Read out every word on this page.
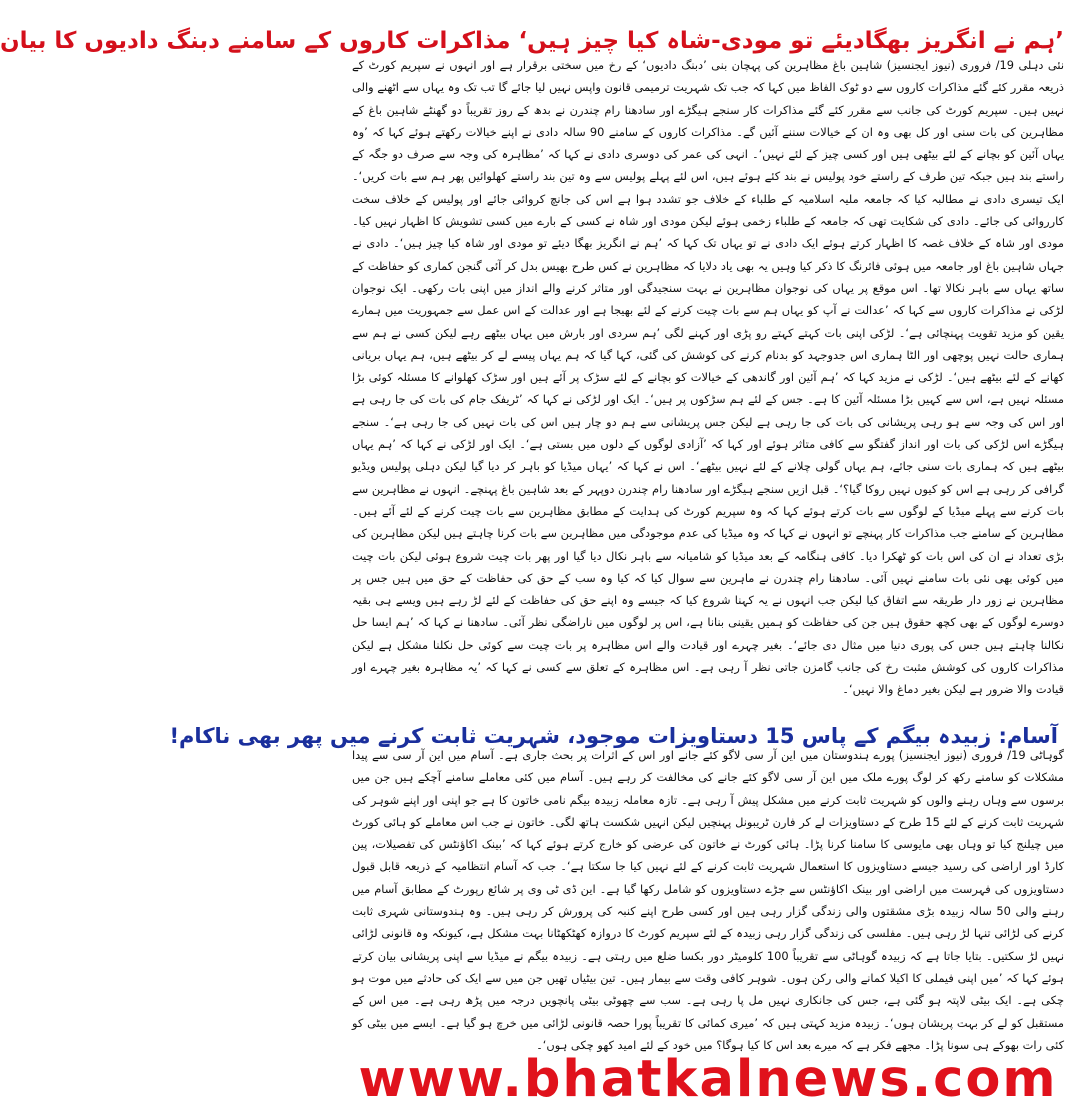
’ہم نے انگریز بھگادیئے تو مودی-شاہ کیا چیز ہیں‘ مذاکرات کاروں کے سامنے دبنگ دادیوں کا بیان

نئی دہلی 19/ فروری (نیوز ایجنسیز) شاہین باغ مظاہرین کی پہچان بنی ’دبنگ دادیوں‘ کے رخ میں سختی برقرار ہے اور انہوں نے سپریم کورٹ کے ذریعہ مقرر کئے گئے مذاکرات کاروں سے دو ٹوک الفاظ میں کہا کہ جب تک شہریت ترمیمی قانون واپس نہیں لیا جائے گا تب تک وہ یہاں سے اٹھنے والی نہیں ہیں۔ سپریم کورٹ کی جانب سے مقرر کئے گئے مذاکرات کار سنجے ہیگڑے اور سادھنا رام چندرن نے بدھ کے روز تقریباً دو گھنٹے شاہین باغ کے مظاہرین کی بات سنی اور کل بھی وہ ان کے خیالات سننے آئیں گے۔ مذاکرات کاروں کے سامنے 90 سالہ دادی نے اپنے خیالات رکھتے ہوئے کہا کہ ’وہ یہاں آئین کو بچانے کے لئے بیٹھی ہیں اور کسی چیز کے لئے نہیں‘۔ انہی کی عمر کی دوسری دادی نے کہا کہ ’مظاہرہ کی وجہ سے صرف دو جگہ کے راستے بند ہیں جبکہ تین طرف کے راستے خود پولیس نے بند کئے ہوئے ہیں، اس لئے پہلے پولیس سے وہ تین بند راستے کھلوائیں پھر ہم سے بات کریں‘۔ ایک تیسری دادی نے مطالبہ کیا کہ جامعہ ملیہ اسلامیہ کے طلباء کے خلاف جو تشدد ہوا ہے اس کی جانچ کروائی جائے اور پولیس کے خلاف سخت کارروائی کی جائے۔ دادی کی شکایت تھی کہ جامعہ کے طلباء زخمی ہوئے لیکن مودی اور شاہ نے کسی کے بارے میں کسی تشویش کا اظہار نہیں کیا۔ مودی اور شاہ کے خلاف غصہ کا اظہار کرتے ہوئے ایک دادی نے تو یہاں تک کہا کہ ’ہم نے انگریز بھگا دیئے تو مودی اور شاہ کیا چیز ہیں‘۔ دادی نے جہاں شاہین باغ اور جامعہ میں ہوئی فائرنگ کا ذکر کیا وہیں یہ بھی یاد دلایا کہ مظاہرین نے کس طرح بھیس بدل کر آئی گنجن کماری کو حفاظت کے ساتھ یہاں سے باہر نکالا تھا۔ اس موقع پر یہاں کی نوجوان مظاہرین نے بہت سنجیدگی اور متاثر کرنے والے انداز میں اپنی بات رکھی۔ ایک نوجوان لڑکی نے مذاکرات کاروں سے کہا کہ ’عدالت نے آپ کو یہاں ہم سے بات چیت کرنے کے لئے بھیجا ہے اور عدالت کے اس عمل سے جمہوریت میں ہمارے یقین کو مزید تقویت پہنچائی ہے‘۔ لڑکی اپنی بات کہتے کہتے رو پڑی اور کہنے لگی ’ہم سردی اور بارش میں یہاں بیٹھے رہے لیکن کسی نے ہم سے ہماری حالت نہیں پوچھی اور الٹا ہماری اس جدوجہد کو بدنام کرنے کی کوشش کی گئی، کہا گیا کہ ہم یہاں پیسے لے کر بیٹھے ہیں، ہم یہاں بریانی کھانے کے لئے بیٹھے ہیں‘۔ لڑکی نے مزید کہا کہ ’ہم آئین اور گاندھی کے خیالات کو بچانے کے لئے سڑک پر آئے ہیں اور سڑک کھلوانے کا مسئلہ کوئی بڑا مسئلہ نہیں ہے، اس سے کہیں بڑا مسئلہ آئین کا ہے۔ جس کے لئے ہم سڑکوں پر ہیں‘۔ ایک اور لڑکی نے کہا کہ ’ٹریفک جام کی بات کی جا رہی ہے اور اس کی وجہ سے ہو رہی پریشانی کی بات کی جا رہی ہے لیکن جس پریشانی سے ہم دو چار ہیں اس کی بات نہیں کی جا رہی ہے‘۔ سنجے ہیگڑے اس لڑکی کی بات اور انداز گفتگو سے کافی متاثر ہوئے اور کہا کہ ’آزادی لوگوں کے دلوں میں بستی ہے‘۔ ایک اور لڑکی نے کہا کہ ’ہم یہاں بیٹھے ہیں کہ ہماری بات سنی جائے، ہم یہاں گولی چلانے کے لئے نہیں بیٹھے‘۔ اس نے کہا کہ ’یہاں میڈیا کو باہر کر دیا گیا لیکن دہلی پولیس ویڈیو گرافی کر رہی ہے اس کو کیوں نہیں روکا گیا؟‘۔ قبل ازیں سنجے ہیگڑے اور سادھنا رام چندرن دوپہر کے بعد شاہین باغ پہنچے۔ انہوں نے مظاہرین سے بات کرنے سے پہلے میڈیا کے لوگوں سے بات کرتے ہوئے کہا کہ وہ سپریم کورٹ کی ہدایت کے مطابق مظاہرین سے بات چیت کرنے کے لئے آئے ہیں۔ مظاہرین کے سامنے جب مذاکرات کار پہنچے تو انہوں نے کہا کہ وہ میڈیا کی عدم موجودگی میں مظاہرین سے بات کرنا چاہتے ہیں لیکن مظاہرین کی بڑی تعداد نے ان کی اس بات کو ٹھکرا دیا۔ کافی ہنگامہ کے بعد میڈیا کو شامیانہ سے باہر نکال دیا گیا اور پھر بات چیت شروع ہوئی لیکن بات چیت میں کوئی بھی نئی بات سامنے نہیں آئی۔ سادھنا رام چندرن نے ماہرین سے سوال کیا کہ کیا وہ سب کے حق کی حفاظت کے حق میں ہیں جس پر مظاہرین نے زور دار طریقہ سے اتفاق کیا لیکن جب انہوں نے یہ کہنا شروع کیا کہ جیسے وہ اپنے حق کی حفاظت کے لئے لڑ رہے ہیں ویسے ہی بقیہ دوسرے لوگوں کے بھی کچھ حقوق ہیں جن کی حفاظت کو ہمیں یقینی بنانا ہے، اس پر لوگوں میں ناراضگی نظر آئی۔ سادھنا نے کہا کہ ’ہم ایسا حل نکالنا چاہتے ہیں جس کی پوری دنیا میں مثال دی جائے‘۔ بغیر چہرے اور قیادت والے اس مظاہرہ پر بات چیت سے کوئی حل نکلنا مشکل ہے لیکن مذاکرات کاروں کی کوشش مثبت رخ کی جانب گامزن جاتی نظر آ رہی ہے۔ اس مظاہرہ کے تعلق سے کسی نے کہا کہ ’یہ مظاہرہ بغیر چہرے اور قیادت والا ضرور ہے لیکن بغیر دماغ والا نہیں‘۔

آسام: زبیدہ بیگم کے پاس 15 دستاویزات موجود، شہریت ثابت کرنے میں پھر بھی ناکام!

گوہاٹی 19/ فروری (نیوز ایجنسیز) پورے ہندوستان میں این آر سی لاگو کئے جانے اور اس کے اثرات پر بحث جاری ہے۔ آسام میں این آر سی سے پیدا مشکلات کو سامنے رکھ کر لوگ پورے ملک میں این آر سی لاگو کئے جانے کی مخالفت کر رہے ہیں۔ آسام میں کئی معاملے سامنے آچکے ہیں جن میں برسوں سے وہاں رہنے والوں کو شہریت ثابت کرنے میں مشکل پیش آ رہی ہے۔ تازہ معاملہ زبیدہ بیگم نامی خاتون کا ہے جو اپنی اور اپنے شوہر کی شہریت ثابت کرنے کے لئے 15 طرح کے دستاویزات لے کر فارن ٹریبونل پہنچیں لیکن انہیں شکست ہاتھ لگی۔ خاتون نے جب اس معاملے کو ہائی کورٹ میں چیلنج کیا تو وہاں بھی مایوسی کا سامنا کرنا پڑا۔ ہائی کورٹ نے خاتون کی عرضی کو خارج کرتے ہوئے کہا کہ ’بینک اکاؤنٹس کی تفصیلات، پین کارڈ اور اراضی کی رسید جیسے دستاویزوں کا استعمال شہریت ثابت کرنے کے لئے نہیں کیا جا سکتا ہے‘۔ جب کہ آسام انتظامیہ کے ذریعہ قابل قبول دستاویزوں کی فہرست میں اراضی اور بینک اکاؤنٹس سے جڑے دستاویزوں کو شامل رکھا گیا ہے۔ این ڈی ٹی وی پر شائع رپورٹ کے مطابق آسام میں رہنے والی 50 سالہ زبیدہ بڑی مشقتوں والی زندگی گزار رہی ہیں اور کسی طرح اپنے کنبہ کی پرورش کر رہی ہیں۔ وہ ہندوستانی شہری ثابت کرنے کی لڑائی تنہا لڑ رہی ہیں۔ مفلسی کی زندگی گزار رہی زبیدہ کے لئے سپریم کورٹ کا دروازہ کھٹکھٹانا بہت مشکل ہے، کیونکہ وہ قانونی لڑائی نہیں لڑ سکتیں۔ بتایا جاتا ہے کہ زبیدہ گوہاٹی سے تقریباً 100 کلومیٹر دور بکسا ضلع میں رہتی ہے۔ زبیدہ بیگم نے میڈیا سے اپنی پریشانی بیان کرتے ہوئے کہا کہ ’میں اپنی فیملی کا اکیلا کمانے والی رکن ہوں۔ شوہر کافی وقت سے بیمار ہیں۔ تین بیٹیاں تھیں جن میں سے ایک کی حادثے میں موت ہو چکی ہے۔ ایک بیٹی لاپتہ ہو گئی ہے، جس کی جانکاری نہیں مل پا رہی ہے۔ سب سے چھوٹی بیٹی پانچویں درجہ میں پڑھ رہی ہے۔ میں اس کے مستقبل کو لے کر بہت پریشان ہوں‘۔ زبیدہ مزید کہتی ہیں کہ ’میری کمائی کا تقریباً پورا حصہ قانونی لڑائی میں خرچ ہو گیا ہے۔ ایسے میں بیٹی کو کئی رات بھوکے ہی سونا پڑا۔ مجھے فکر ہے کہ میرے بعد اس کا کیا ہوگا؟ میں خود کے لئے امید کھو چکی ہوں‘۔

www.bhatkalnews.com
